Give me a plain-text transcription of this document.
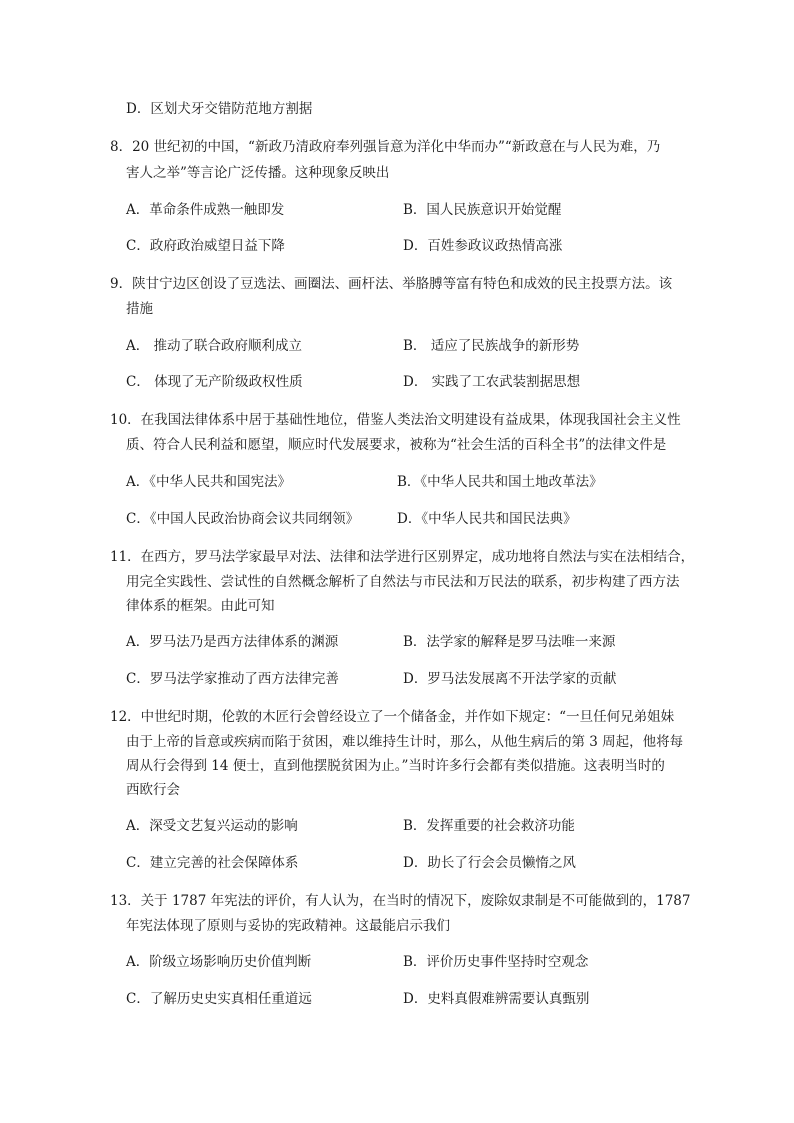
D．区划犬牙交错防范地方割据
8．20 世纪初的中国，“新政乃清政府奉列强旨意为洋化中华而办”“新政意在与人民为难，乃
害人之举”等言论广泛传播。这种现象反映出
A．革命条件成熟一触即发	B．国人民族意识开始觉醒
C．政府政治威望日益下降	D．百姓参政议政热情高涨
9．陕甘宁边区创设了豆选法、画圈法、画杆法、举胳膊等富有特色和成效的民主投票方法。该
措施
A． 推动了联合政府顺利成立	B． 适应了民族战争的新形势
C． 体现了无产阶级政权性质	D． 实践了工农武装割据思想
10．在我国法律体系中居于基础性地位，借鉴人类法治文明建设有益成果，体现我国社会主义性
质、符合人民利益和愿望，顺应时代发展要求，被称为“社会生活的百科全书”的法律文件是
A．《中华人民共和国宪法》	B．《中华人民共和国土地改革法》
C．《中国人民政治协商会议共同纲领》	D．《中华人民共和国民法典》
11．在西方，罗马法学家最早对法、法律和法学进行区别界定，成功地将自然法与实在法相结合，
用完全实践性、尝试性的自然概念解析了自然法与市民法和万民法的联系，初步构建了西方法
律体系的框架。由此可知
A．罗马法乃是西方法律体系的渊源	B．法学家的解释是罗马法唯一来源
C．罗马法学家推动了西方法律完善	D．罗马法发展离不开法学家的贡献
12．中世纪时期，伦敦的木匠行会曾经设立了一个储备金，并作如下规定：“一旦任何兄弟姐妹
由于上帝的旨意或疾病而陷于贫困，难以维持生计时，那么，从他生病后的第 3 周起，他将每
周从行会得到 14 便士，直到他摆脱贫困为止。”当时许多行会都有类似措施。这表明当时的
西欧行会
A．深受文艺复兴运动的影响	B．发挥重要的社会救济功能
C．建立完善的社会保障体系	D．助长了行会会员懒惰之风
13．关于 1787 年宪法的评价，有人认为，在当时的情况下，废除奴隶制是不可能做到的，1787
年宪法体现了原则与妥协的宪政精神。这最能启示我们
A．阶级立场影响历史价值判断	B．评价历史事件坚持时空观念
C．了解历史史实真相任重道远	D．史料真假难辨需要认真甄别
